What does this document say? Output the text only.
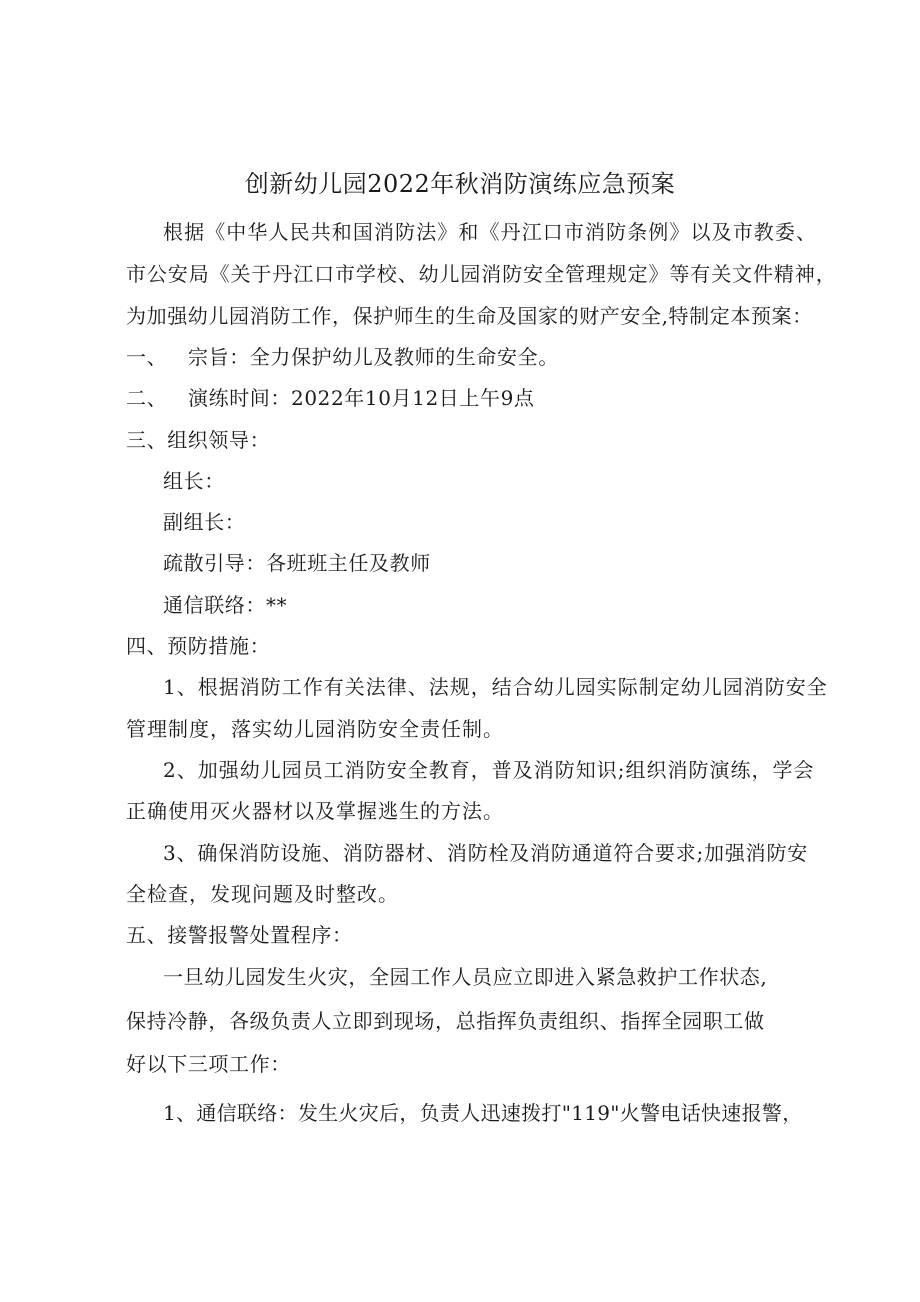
创新幼儿园2022年秋消防演练应急预案
根据《中华人民共和国消防法》和《丹江口市消防条例》以及市教委、
市公安局《关于丹江口市学校、幼儿园消防安全管理规定》等有关文件精神，
为加强幼儿园消防工作，保护师生的生命及国家的财产安全,特制定本预案：
一、 宗旨：全力保护幼儿及教师的生命安全。
二、 演练时间：2022年10月12日上午9点
三、组织领导：
组长：
副组长：
疏散引导：各班班主任及教师
通信联络：**
四、预防措施：
1、根据消防工作有关法律、法规，结合幼儿园实际制定幼儿园消防安全
管理制度，落实幼儿园消防安全责任制。
2、加强幼儿园员工消防安全教育，普及消防知识;组织消防演练，学会
正确使用灭火器材以及掌握逃生的方法。
3、确保消防设施、消防器材、消防栓及消防通道符合要求;加强消防安
全检查，发现问题及时整改。
五、接警报警处置程序：
一旦幼儿园发生火灾，全园工作人员应立即进入紧急救护工作状态,
保持冷静，各级负责人立即到现场，总指挥负责组织、指挥全园职工做
好以下三项工作：
1、通信联络：发生火灾后，负责人迅速拨打"119"火警电话快速报警，
